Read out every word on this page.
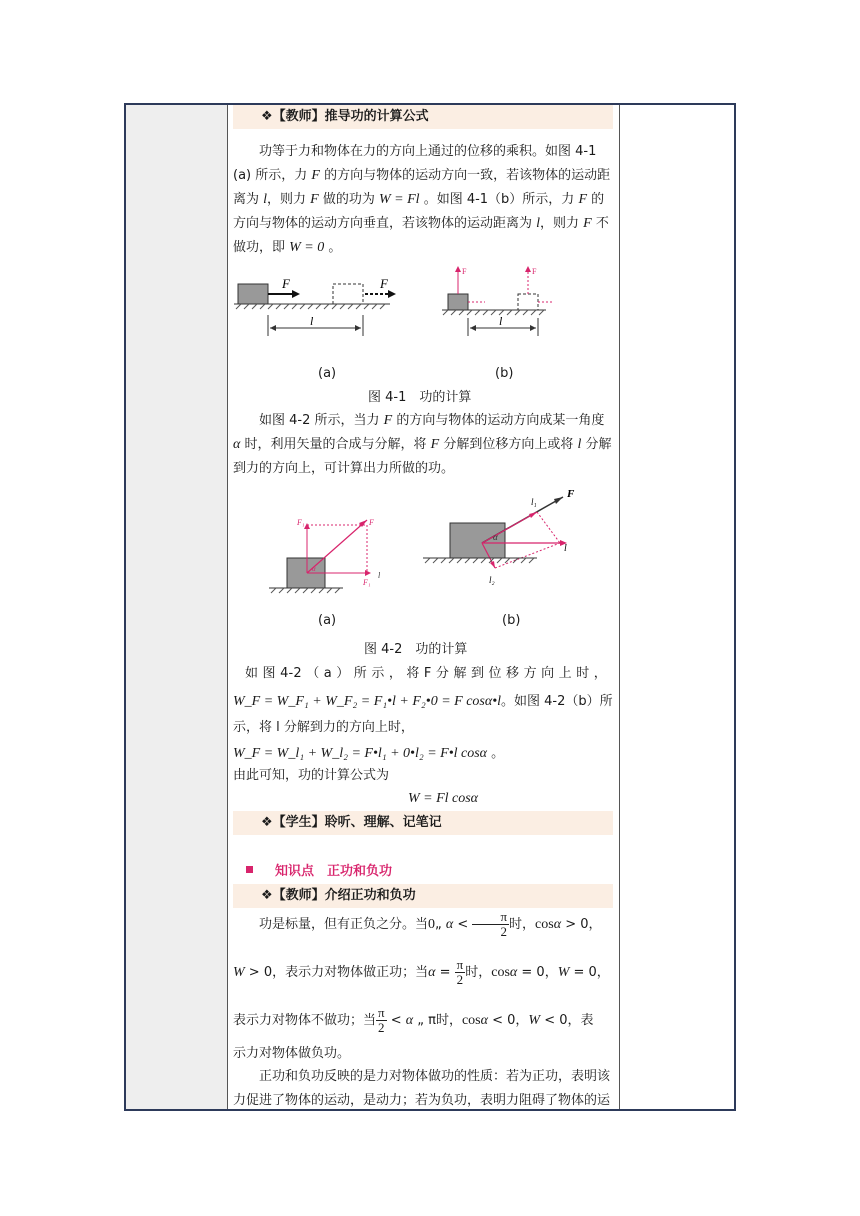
❖【教师】推导功的计算公式
功等于力和物体在力的方向上通过的位移的乘积。如图 4-1 (a) 所示，力 F 的方向与物体的运动方向一致，若该物体的运动距离为 l，则力 F 做的功为 W = Fl 。如图 4-1（b）所示，力 F 的方向与物体的运动方向垂直，若该物体的运动距离为 l，则力 F 不做功，即 W = 0 。
F	F
l
F	F
l
(a)	(b)
图 4-1　功的计算
如图 4-2 所示，当力 F 的方向与物体的运动方向成某一角度 α 时，利用矢量的合成与分解，将 F 分解到位移方向上或将 l 分解到力的方向上，可计算出力所做的功。
F
F₁
F₁
l
α
F
l
l₁
l₂
α
(a)	(b)
图 4-2　功的计算
如 图 4-2 （ a ） 所 示 ， 将 F 分 解 到 位 移 方 向 上 时 ，
W_F = W_F₁ + W_F₂ = F₁•l + F₂•0 = F cosα•l。如图 4-2（b）所
示，将 l 分解到力的方向上时，
W_F = W_l₁ + W_l₂ = F•l₁ + 0•l₂ = F•l cosα 。
由此可知，功的计算公式为
W = Fl cosα
❖【学生】聆听、理解、记笔记
知识点　正功和负功
❖【教师】介绍正功和负功
功是标量，但有正负之分。当0„ $\alpha < \frac{\pi}{2}$ 时，cosα > 0，
W > 0，表示力对物体做正功；当$\alpha = \frac{\pi}{2}$ 时，cosα = 0，W = 0，
表示力对物体不做功；当 $\frac{\pi}{2} < \alpha$ „ π时，cosα < 0，W < 0，表
示力对物体做负功。
正功和负功反映的是力对物体做功的性质：若为正功，表明该力促进了物体的运动，是动力；若为负功，表明力阻碍了物体的运
